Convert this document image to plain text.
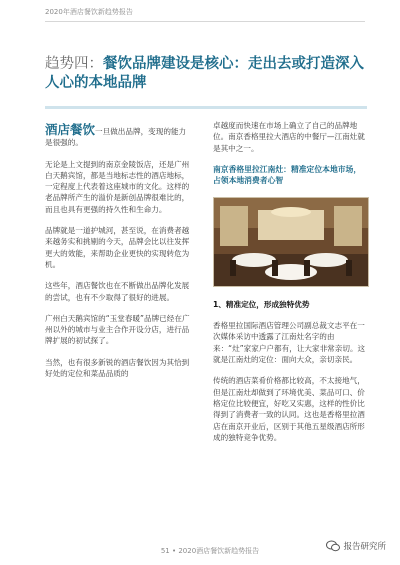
2020年酒店餐饮新趋势报告
趋势四：餐饮品牌建设是核心：走出去或打造深入人心的本地品牌

酒店餐饮一旦做出品牌，变现的能力是很强的。

无论是上文提到的南京金陵饭店，还是广州白天鹅宾馆，都是当地标志性的酒店地标，一定程度上代表着这座城市的文化。这样的老品牌所产生的溢价是新创品牌很难比的，而且也具有更强的持久性和生命力。

品牌就是一道护城河，甚至说，在消费者越来越务实和挑剔的今天，品牌会比以往发挥更大的效能，来帮助企业更快的实现转危为机。

这些年，酒店餐饮也在不断做出品牌化发展的尝试，也有不少取得了很好的进展。

广州白天鹅宾馆的“玉堂春暖”品牌已经在广州以外的城市与业主合作开设分店，进行品牌扩展的初试探了。

当然，也有很多新锐的酒店餐饮因为其恰到好处的定位和菜品品质的

卓越度而快速在市场上确立了自己的品牌地位。南京香格里拉大酒店的中餐厅—江南灶就是其中之一。

南京香格里拉江南灶：精准定位本地市场，占领本地消费者心智

1、精准定位，形成独特优势

香格里拉国际酒店管理公司副总裁文志平在一次媒体采访中透露了江南灶名字的由来：“灶”家家户户都有，让大家非常亲切。这就是江南灶的定位：面向大众，亲切亲民。

传统的酒店菜肴价格都比较高，不太接地气，但是江南灶却做到了环境优美、菜品可口、价格定位比较便宜，好吃又实惠，这样的性价比得到了消费者一致的认同。这也是香格里拉酒店在南京开业后，区别于其他五星级酒店所形成的独特竞争优势。

51 • 2020酒店餐饮新趋势报告	报告研究所
